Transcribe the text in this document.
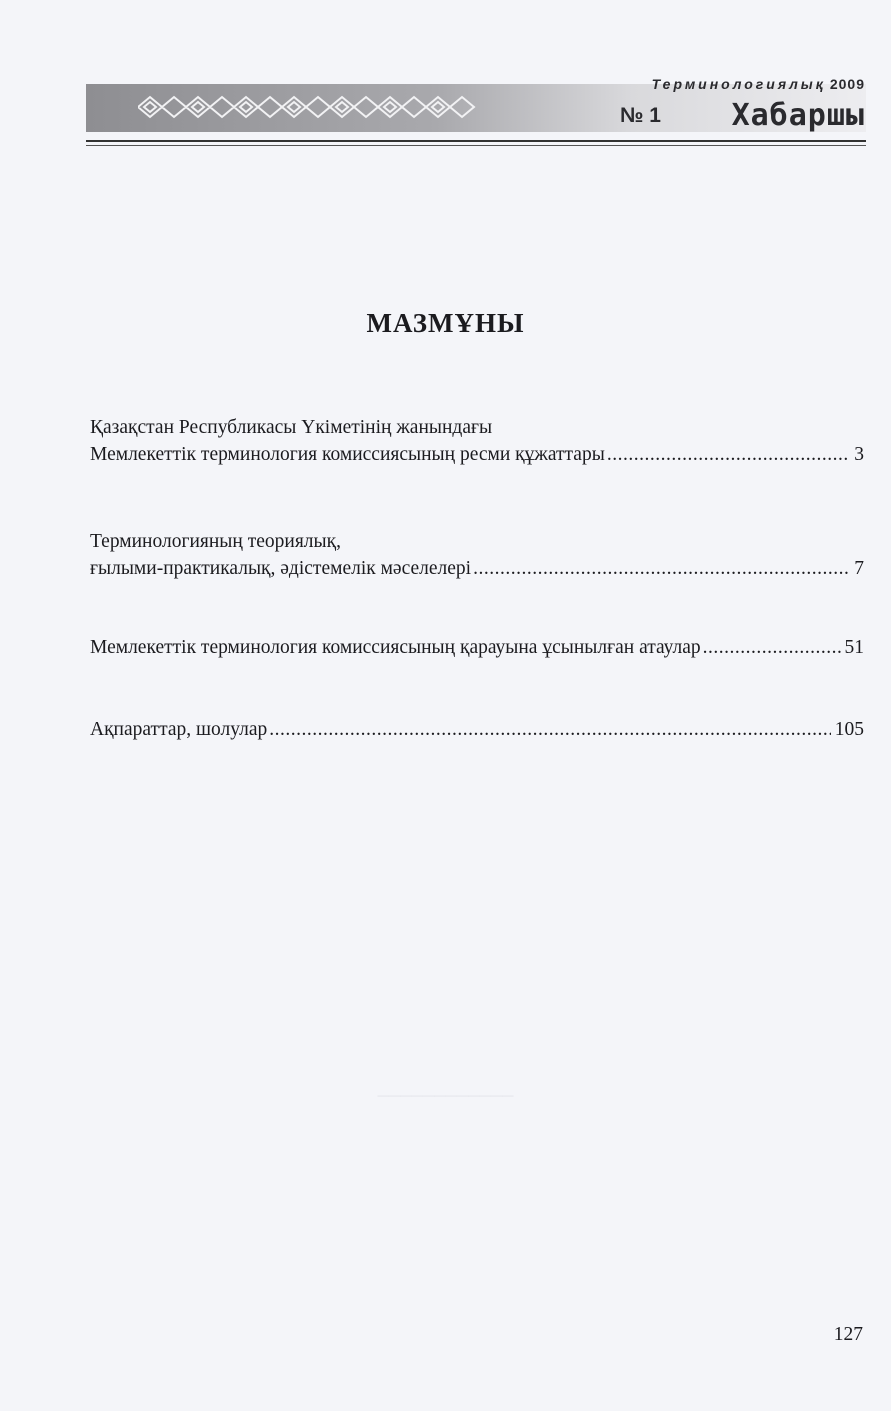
Терминологиялық 2009
№ 1 Хабаршы
МАЗМҰНЫ
Қазақстан Республикасы Үкіметінің жанындағы
Мемлекеттік терминология комиссиясының ресми құжаттары .....	3
Терминологияның теориялық,
ғылыми-практикалық, әдістемелік мәселелері .....	7
Мемлекеттік терминология комиссиясының қарауына ұсынылған атаулар .....	51
Ақпараттар, шолулар .....	105
────────────
127
